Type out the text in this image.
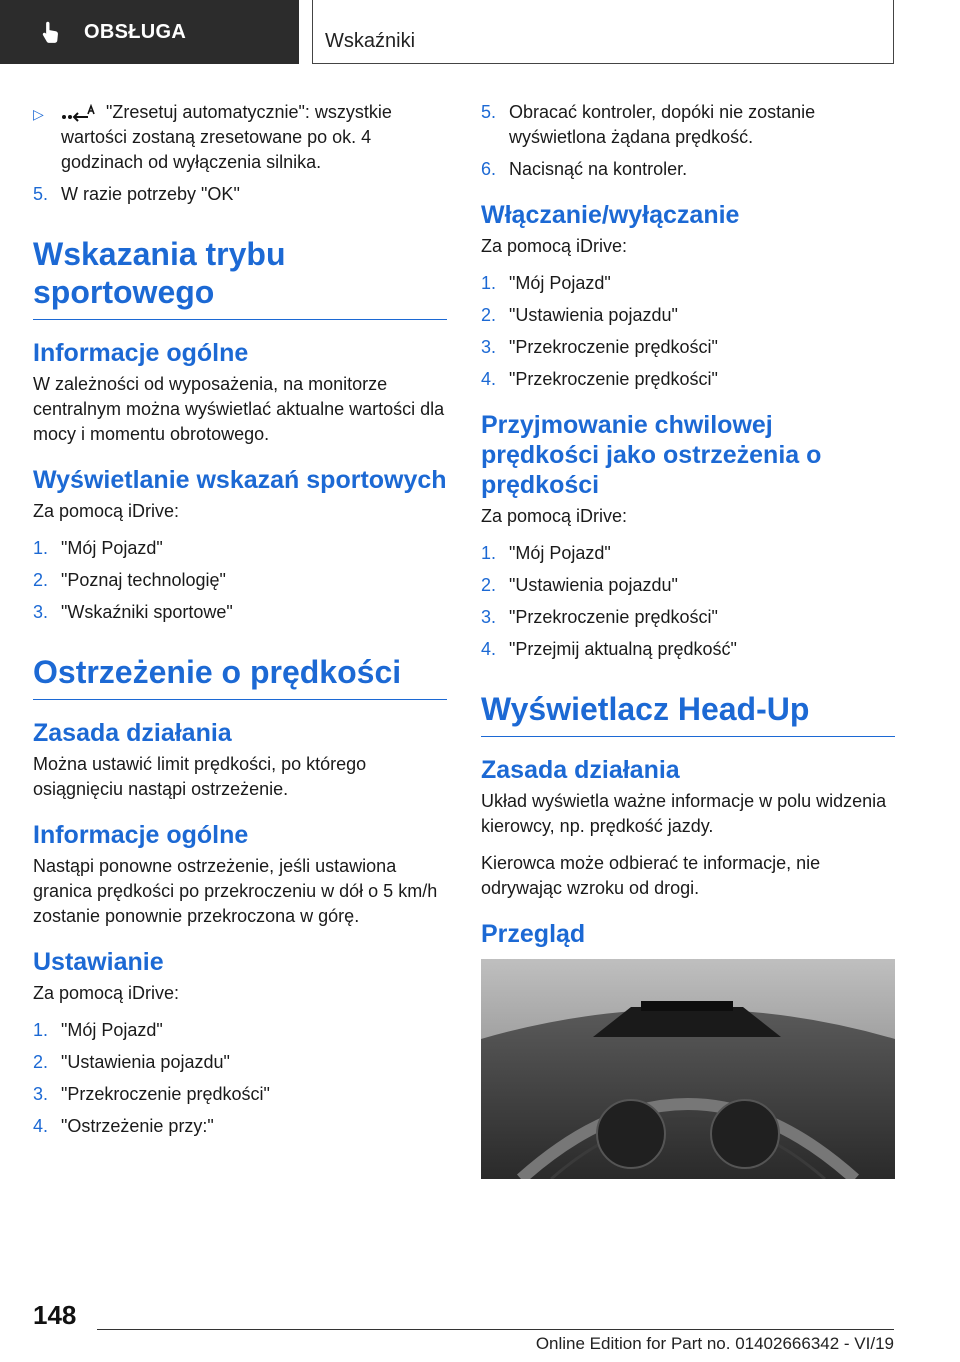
OBSŁUGA	Wskaźniki
▷	"Zresetuj automatycznie": wszystkie wartości zostaną zresetowane po ok. 4 godzinach od wyłączenia silnika.
5. W razie potrzeby "OK"
Wskazania trybu sportowego
Informacje ogólne

W zależności od wyposażenia, na monitorze centralnym można wyświetlać aktualne wartości dla mocy i momentu obrotowego.

Wyświetlanie wskazań sportowych

Za pomocą iDrive:

1. "Mój Pojazd"
2. "Poznaj technologię"
3. "Wskaźniki sportowe"
Ostrzeżenie o prędkości
Zasada działania

Można ustawić limit prędkości, po którego osiągnięciu nastąpi ostrzeżenie.

Informacje ogólne

Nastąpi ponowne ostrzeżenie, jeśli ustawiona granica prędkości po przekroczeniu w dół o 5 km/h zostanie ponownie przekroczona w górę.

Ustawianie

Za pomocą iDrive:

1. "Mój Pojazd"
2. "Ustawienia pojazdu"
3. "Przekroczenie prędkości"
4. "Ostrzeżenie przy:"
5. Obracać kontroler, dopóki nie zostanie wyświetlona żądana prędkość.
6. Nacisnąć na kontroler.
Włączanie/wyłączanie

Za pomocą iDrive:

1. "Mój Pojazd"
2. "Ustawienia pojazdu"
3. "Przekroczenie prędkości"
4. "Przekroczenie prędkości"
Przyjmowanie chwilowej prędkości jako ostrzeżenia o prędkości

Za pomocą iDrive:

1. "Mój Pojazd"
2. "Ustawienia pojazdu"
3. "Przekroczenie prędkości"
4. "Przejmij aktualną prędkość"
Wyświetlacz Head-Up
Zasada działania

Układ wyświetla ważne informacje w polu widzenia kierowcy, np. prędkość jazdy.

Kierowca może odbierać te informacje, nie odrywając wzroku od drogi.

Przegląd
148
Online Edition for Part no. 01402666342 - VI/19
